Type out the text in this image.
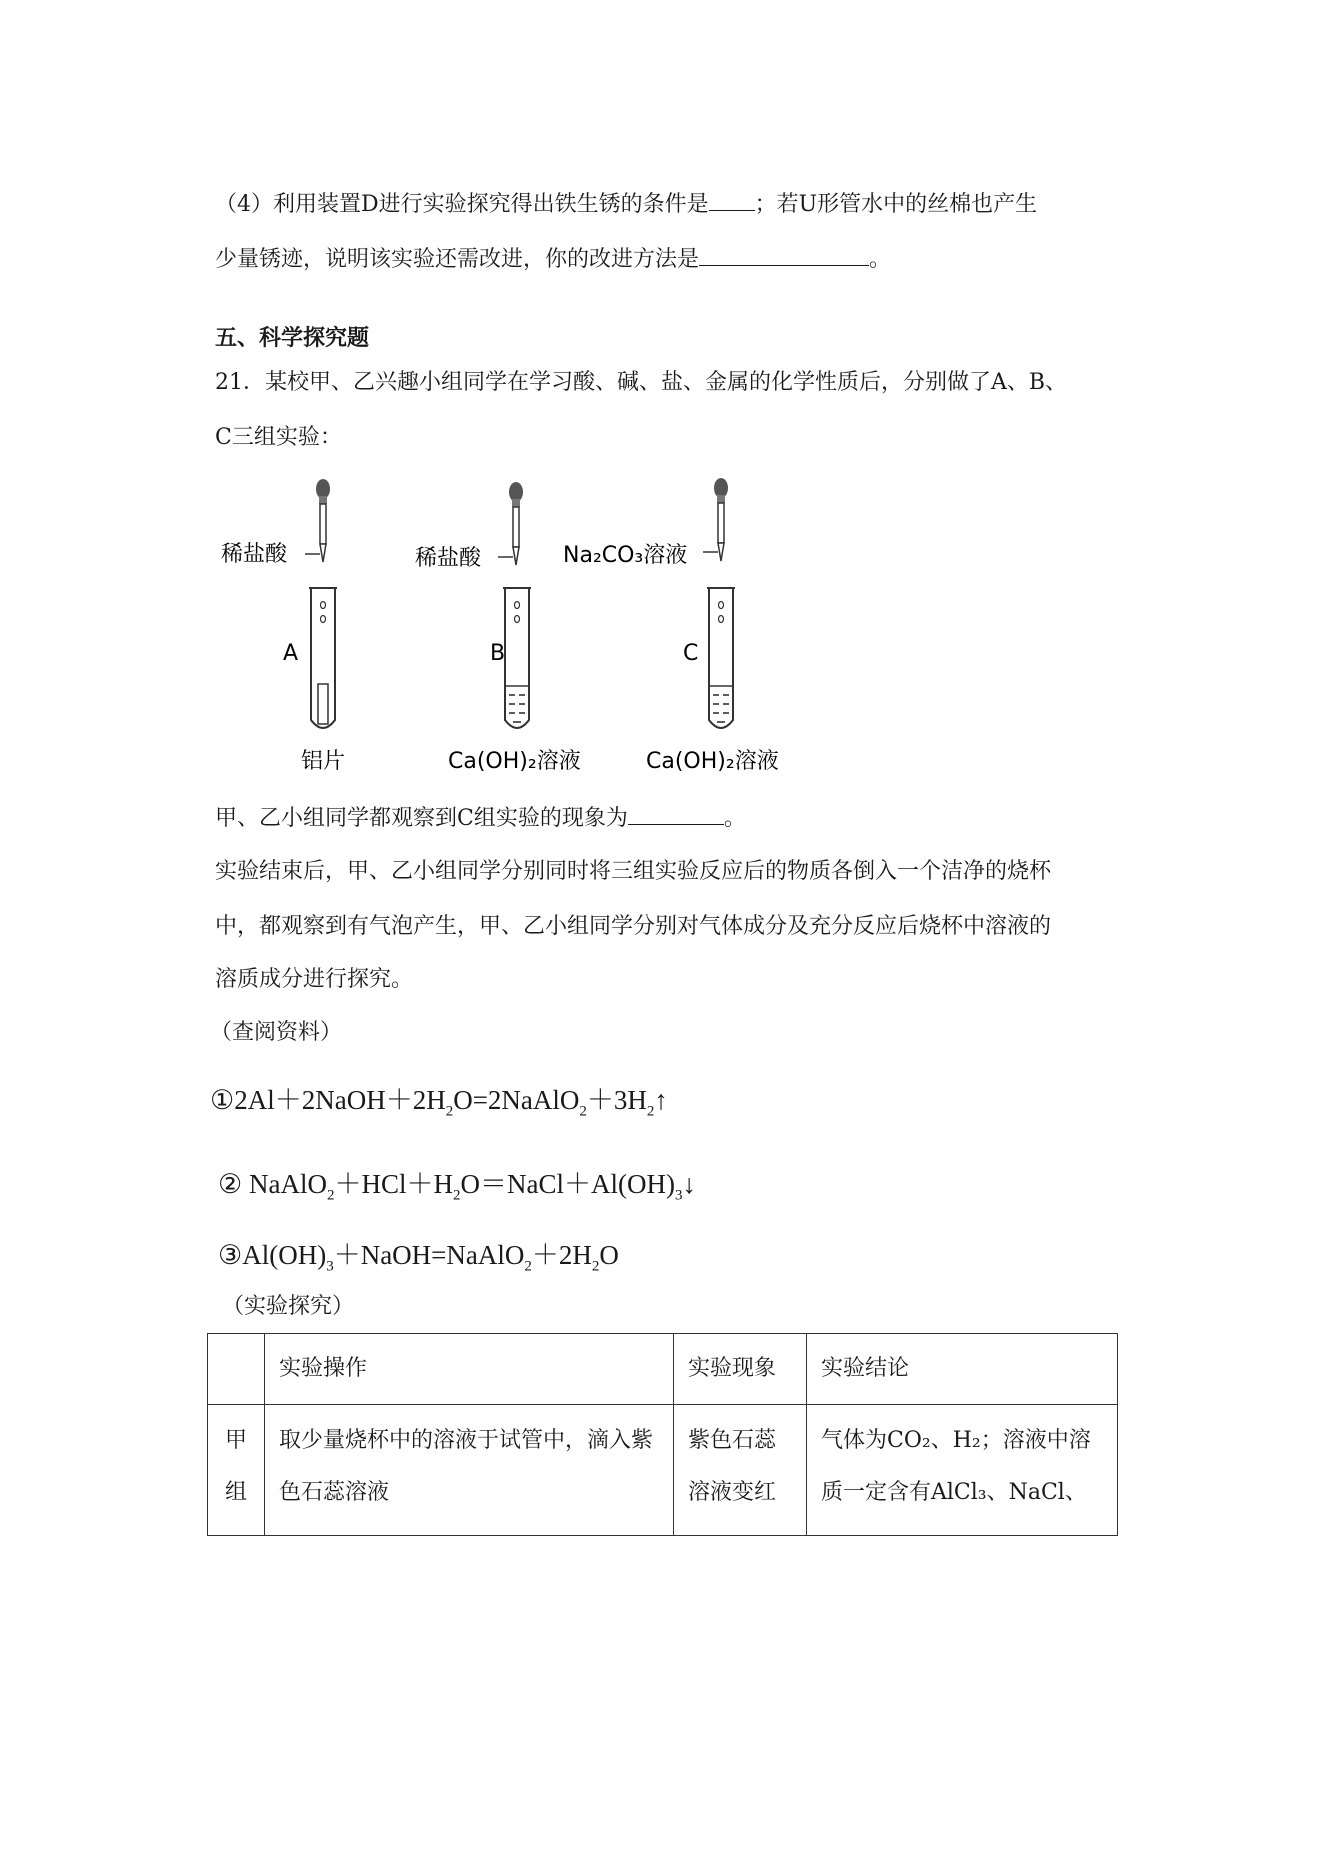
（4）利用装置D进行实验探究得出铁生锈的条件是 ；若U形管水中的丝棉也产生
少量锈迹，说明该实验还需改进，你的改进方法是	。
五、科学探究题
21．某校甲、乙兴趣小组同学在学习酸、碱、盐、金属的化学性质后，分别做了A、B、
C三组实验：
稀盐酸
A
铝片
稀盐酸
B
Ca(OH)₂溶液
Na₂CO₃溶液
C
Ca(OH)₂溶液
甲、乙小组同学都观察到C组实验的现象为	。
实验结束后，甲、乙小组同学分别同时将三组实验反应后的物质各倒入一个洁净的烧杯
中，都观察到有气泡产生，甲、乙小组同学分别对气体成分及充分反应后烧杯中溶液的
溶质成分进行探究。
（查阅资料）
$①2Al+2NaOH+2H_2O=2NaAlO_2+3H_2↑$
② $NaAlO_2+HCl+H_2O=NaCl+Al(OH)_3↓$
$③Al(OH)_3+NaOH=NaAlO_2+2H_2O$
（实验探究）
	实验操作	实验现象	实验结论
甲组	取少量烧杯中的溶液于试管中，滴入紫色石蕊溶液	紫色石蕊溶液变红	气体为CO₂、H₂；溶液中溶质一定含有AlCl₃、NaCl、
